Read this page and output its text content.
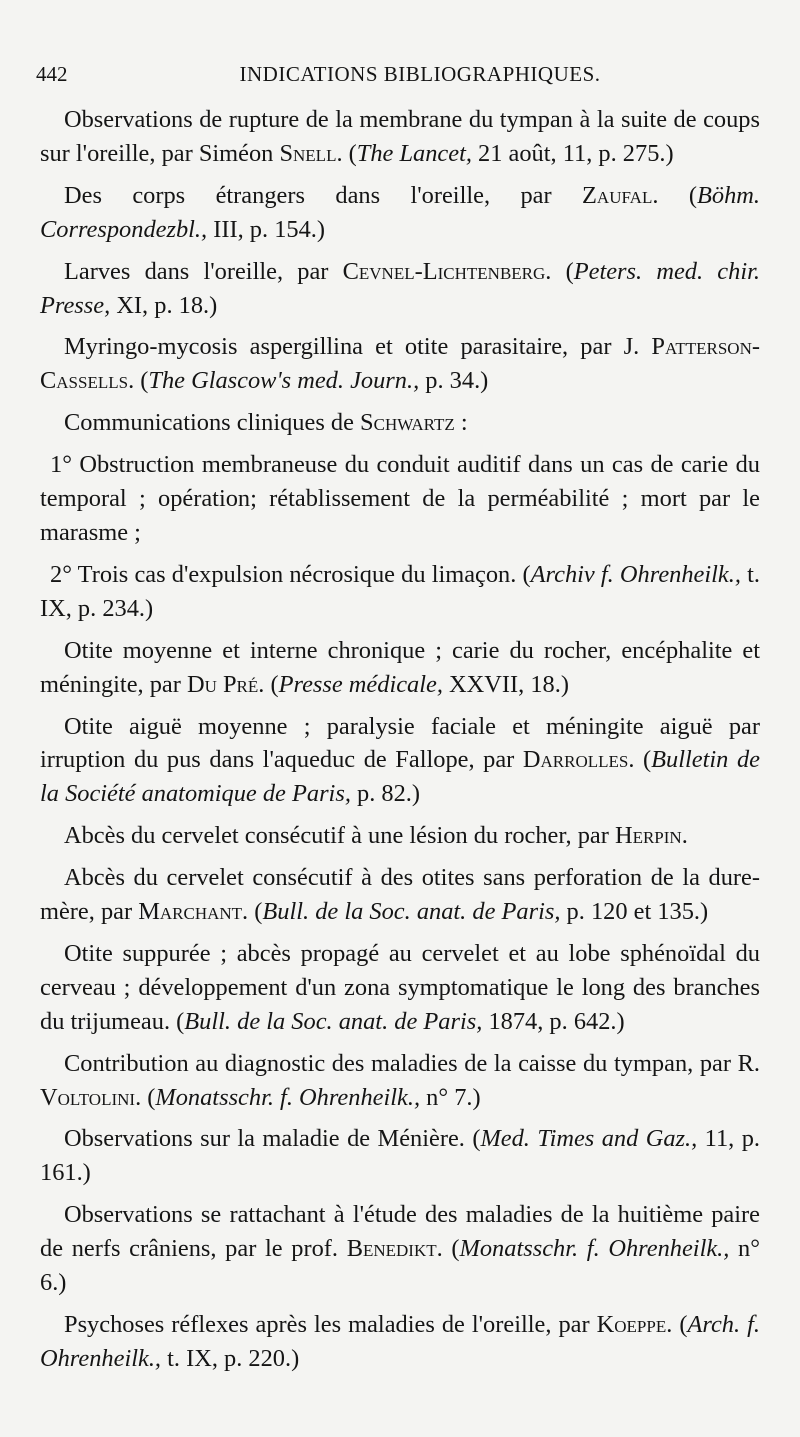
442	INDICATIONS BIBLIOGRAPHIQUES.

Observations de rupture de la membrane du tympan à la suite de coups sur l'oreille, par Siméon Snell. (The Lancet, 21 août, 11, p. 275.)

Des corps étrangers dans l'oreille, par Zaufal. (Böhm. Correspondezbl., III, p. 154.)

Larves dans l'oreille, par Cevnel-Lichtenberg. (Peters. med. chir. Presse, XI, p. 18.)

Myringo-mycosis aspergillina et otite parasitaire, par J. Patterson-Cassells. (The Glascow's med. Journ., p. 34.)

Communications cliniques de Schwartz :

1° Obstruction membraneuse du conduit auditif dans un cas de carie du temporal ; opération; rétablissement de la perméabilité ; mort par le marasme ;

2° Trois cas d'expulsion nécrosique du limaçon. (Archiv f. Ohrenheilk., t. IX, p. 234.)

Otite moyenne et interne chronique ; carie du rocher, encéphalite et méningite, par Du Pré. (Presse médicale, XXVII, 18.)

Otite aiguë moyenne ; paralysie faciale et méningite aiguë par irruption du pus dans l'aqueduc de Fallope, par Darrolles. (Bulletin de la Société anatomique de Paris, p. 82.)

Abcès du cervelet consécutif à une lésion du rocher, par Herpin.

Abcès du cervelet consécutif à des otites sans perforation de la dure-mère, par Marchant. (Bull. de la Soc. anat. de Paris, p. 120 et 135.)

Otite suppurée ; abcès propagé au cervelet et au lobe sphénoïdal du cerveau ; développement d'un zona symptomatique le long des branches du trijumeau. (Bull. de la Soc. anat. de Paris, 1874, p. 642.)

Contribution au diagnostic des maladies de la caisse du tympan, par R. Voltolini. (Monatsschr. f. Ohrenheilk., n° 7.)

Observations sur la maladie de Ménière. (Med. Times and Gaz., 11, p. 161.)

Observations se rattachant à l'étude des maladies de la huitième paire de nerfs crâniens, par le prof. Benedikt. (Monatsschr. f. Ohrenheilk., n° 6.)

Psychoses réflexes après les maladies de l'oreille, par Koeppe. (Arch. f. Ohrenheilk., t. IX, p. 220.)
